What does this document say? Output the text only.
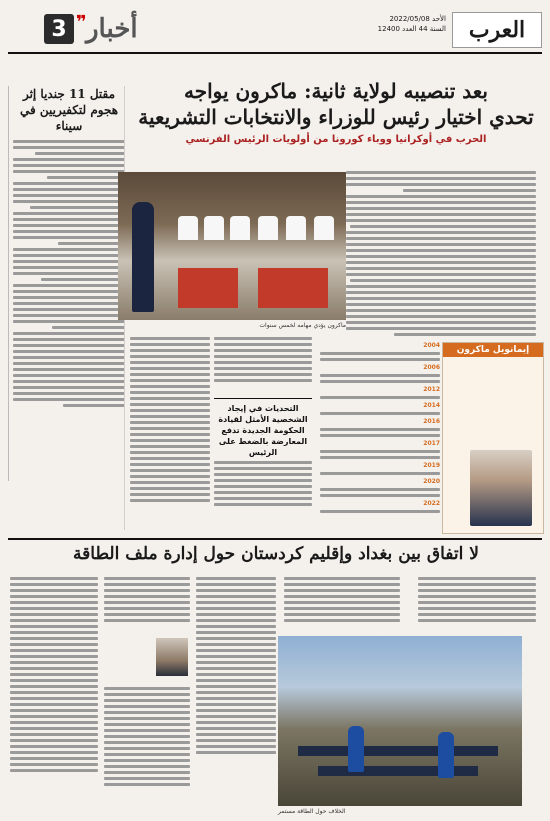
العرب
الأحد 2022/05/08
السنة 44 العدد 12400
أخبار
❞
3
بعد تنصيبه لولاية ثانية: ماكرون يواجه
تحدي اختيار رئيس للوزراء والانتخابات التشريعية
الحرب في أوكرانيا ووباء كورونا من أولويات الرئيس الفرنسي
مقتل 11 جنديا إثر هجوم لتكفيريين في سيناء
ماكرون يؤدي مهامه لخمس سنوات
التحديات في إيجاد الشخصية الأمثل لقيادة الحكومة الجديدة تدفع المعارضة بالضغط على الرئيس
2004
2006
2012
2014
2016
2017
2019
2020
2022
إيمانويل ماكرون
لا اتفاق بين بغداد وإقليم كردستان حول إدارة ملف الطاقة
الخلاف حول الطاقة مستمر
